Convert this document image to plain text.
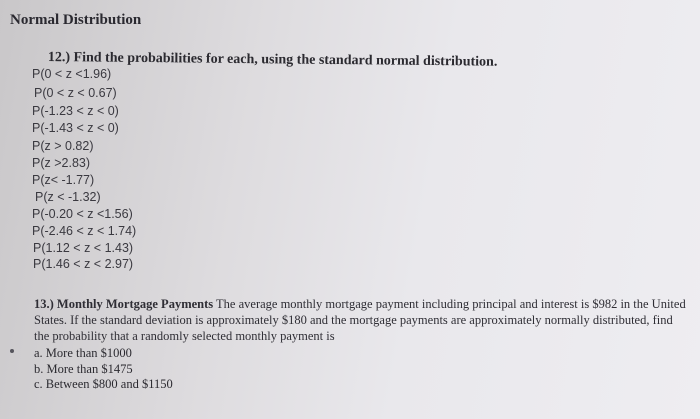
Normal Distribution
12.) Find the probabilities for each, using the standard normal distribution.
P(0 < z <1.96)
P(0 < z < 0.67)
P(-1.23 < z < 0)
P(-1.43 < z < 0)
P(z > 0.82)
P(z >2.83)
P(z< -1.77)
P(z < -1.32)
P(-0.20 < z <1.56)
P(-2.46 < z < 1.74)
P(1.12 < z < 1.43)
P(1.46 < z < 2.97)
13.) Monthly Mortgage Payments The average monthly mortgage payment including principal and interest is $982 in the United States. If the standard deviation is approximately $180 and the mortgage payments are approximately normally distributed, find the probability that a randomly selected monthly payment is
a. More than $1000
b. More than $1475
c. Between $800 and $1150
